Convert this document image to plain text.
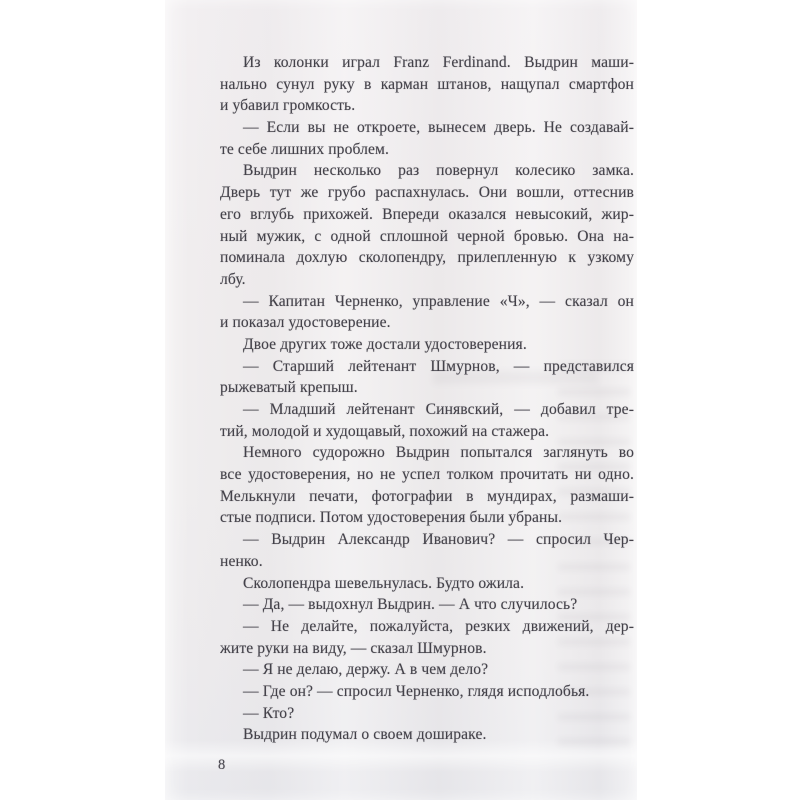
Из колонки играл Franz Ferdinand. Выдрин маши-
нально сунул руку в карман штанов, нащупал смартфон
и убавил громкость.
— Если вы не откроете, вынесем дверь. Не создавай-
те себе лишних проблем.
Выдрин несколько раз повернул колесико замка.
Дверь тут же грубо распахнулась. Они вошли, оттеснив
его вглубь прихожей. Впереди оказался невысокий, жир-
ный мужик, с одной сплошной черной бровью. Она на-
поминала дохлую сколопендру, прилепленную к узкому
лбу.
— Капитан Черненко, управление «Ч», — сказал он
и показал удостоверение.
Двое других тоже достали удостоверения.
— Старший лейтенант Шмурнов, — представился
рыжеватый крепыш.
— Младший лейтенант Синявский, — добавил тре-
тий, молодой и худощавый, похожий на стажера.
Немного судорожно Выдрин попытался заглянуть во
все удостоверения, но не успел толком прочитать ни одно.
Мелькнули печати, фотографии в мундирах, размаши-
стые подписи. Потом удостоверения были убраны.
— Выдрин Александр Иванович? — спросил Чер-
ненко.
Сколопендра шевельнулась. Будто ожила.
— Да, — выдохнул Выдрин. — А что случилось?
— Не делайте, пожалуйста, резких движений, дер-
жите руки на виду, — сказал Шмурнов.
— Я не делаю, держу. А в чем дело?
— Где он? — спросил Черненко, глядя исподлобья.
— Кто?
Выдрин подумал о своем дошираке.
8
